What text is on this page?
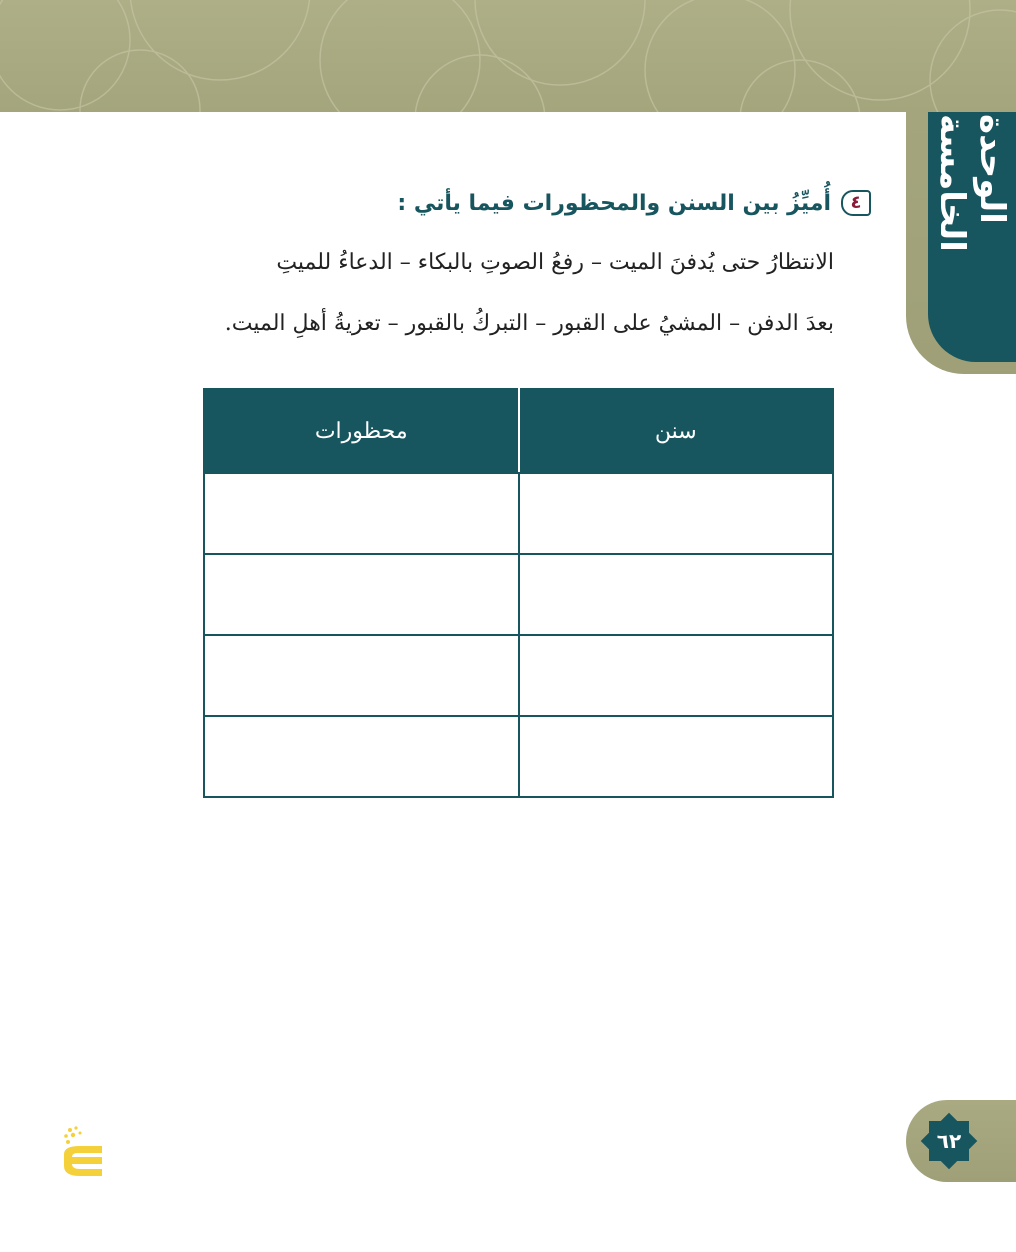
الوحدة الخامسة
٤
أُميِّزُ بين السنن والمحظورات فيما يأتي :
الانتظارُ حتى يُدفنَ الميت – رفعُ الصوتِ بالبكاء – الدعاءُ للميتِ
بعدَ الدفن – المشيُ على القبور – التبركُ بالقبور – تعزيةُ أهلِ الميت.
سنن	محظورات

٦٢
